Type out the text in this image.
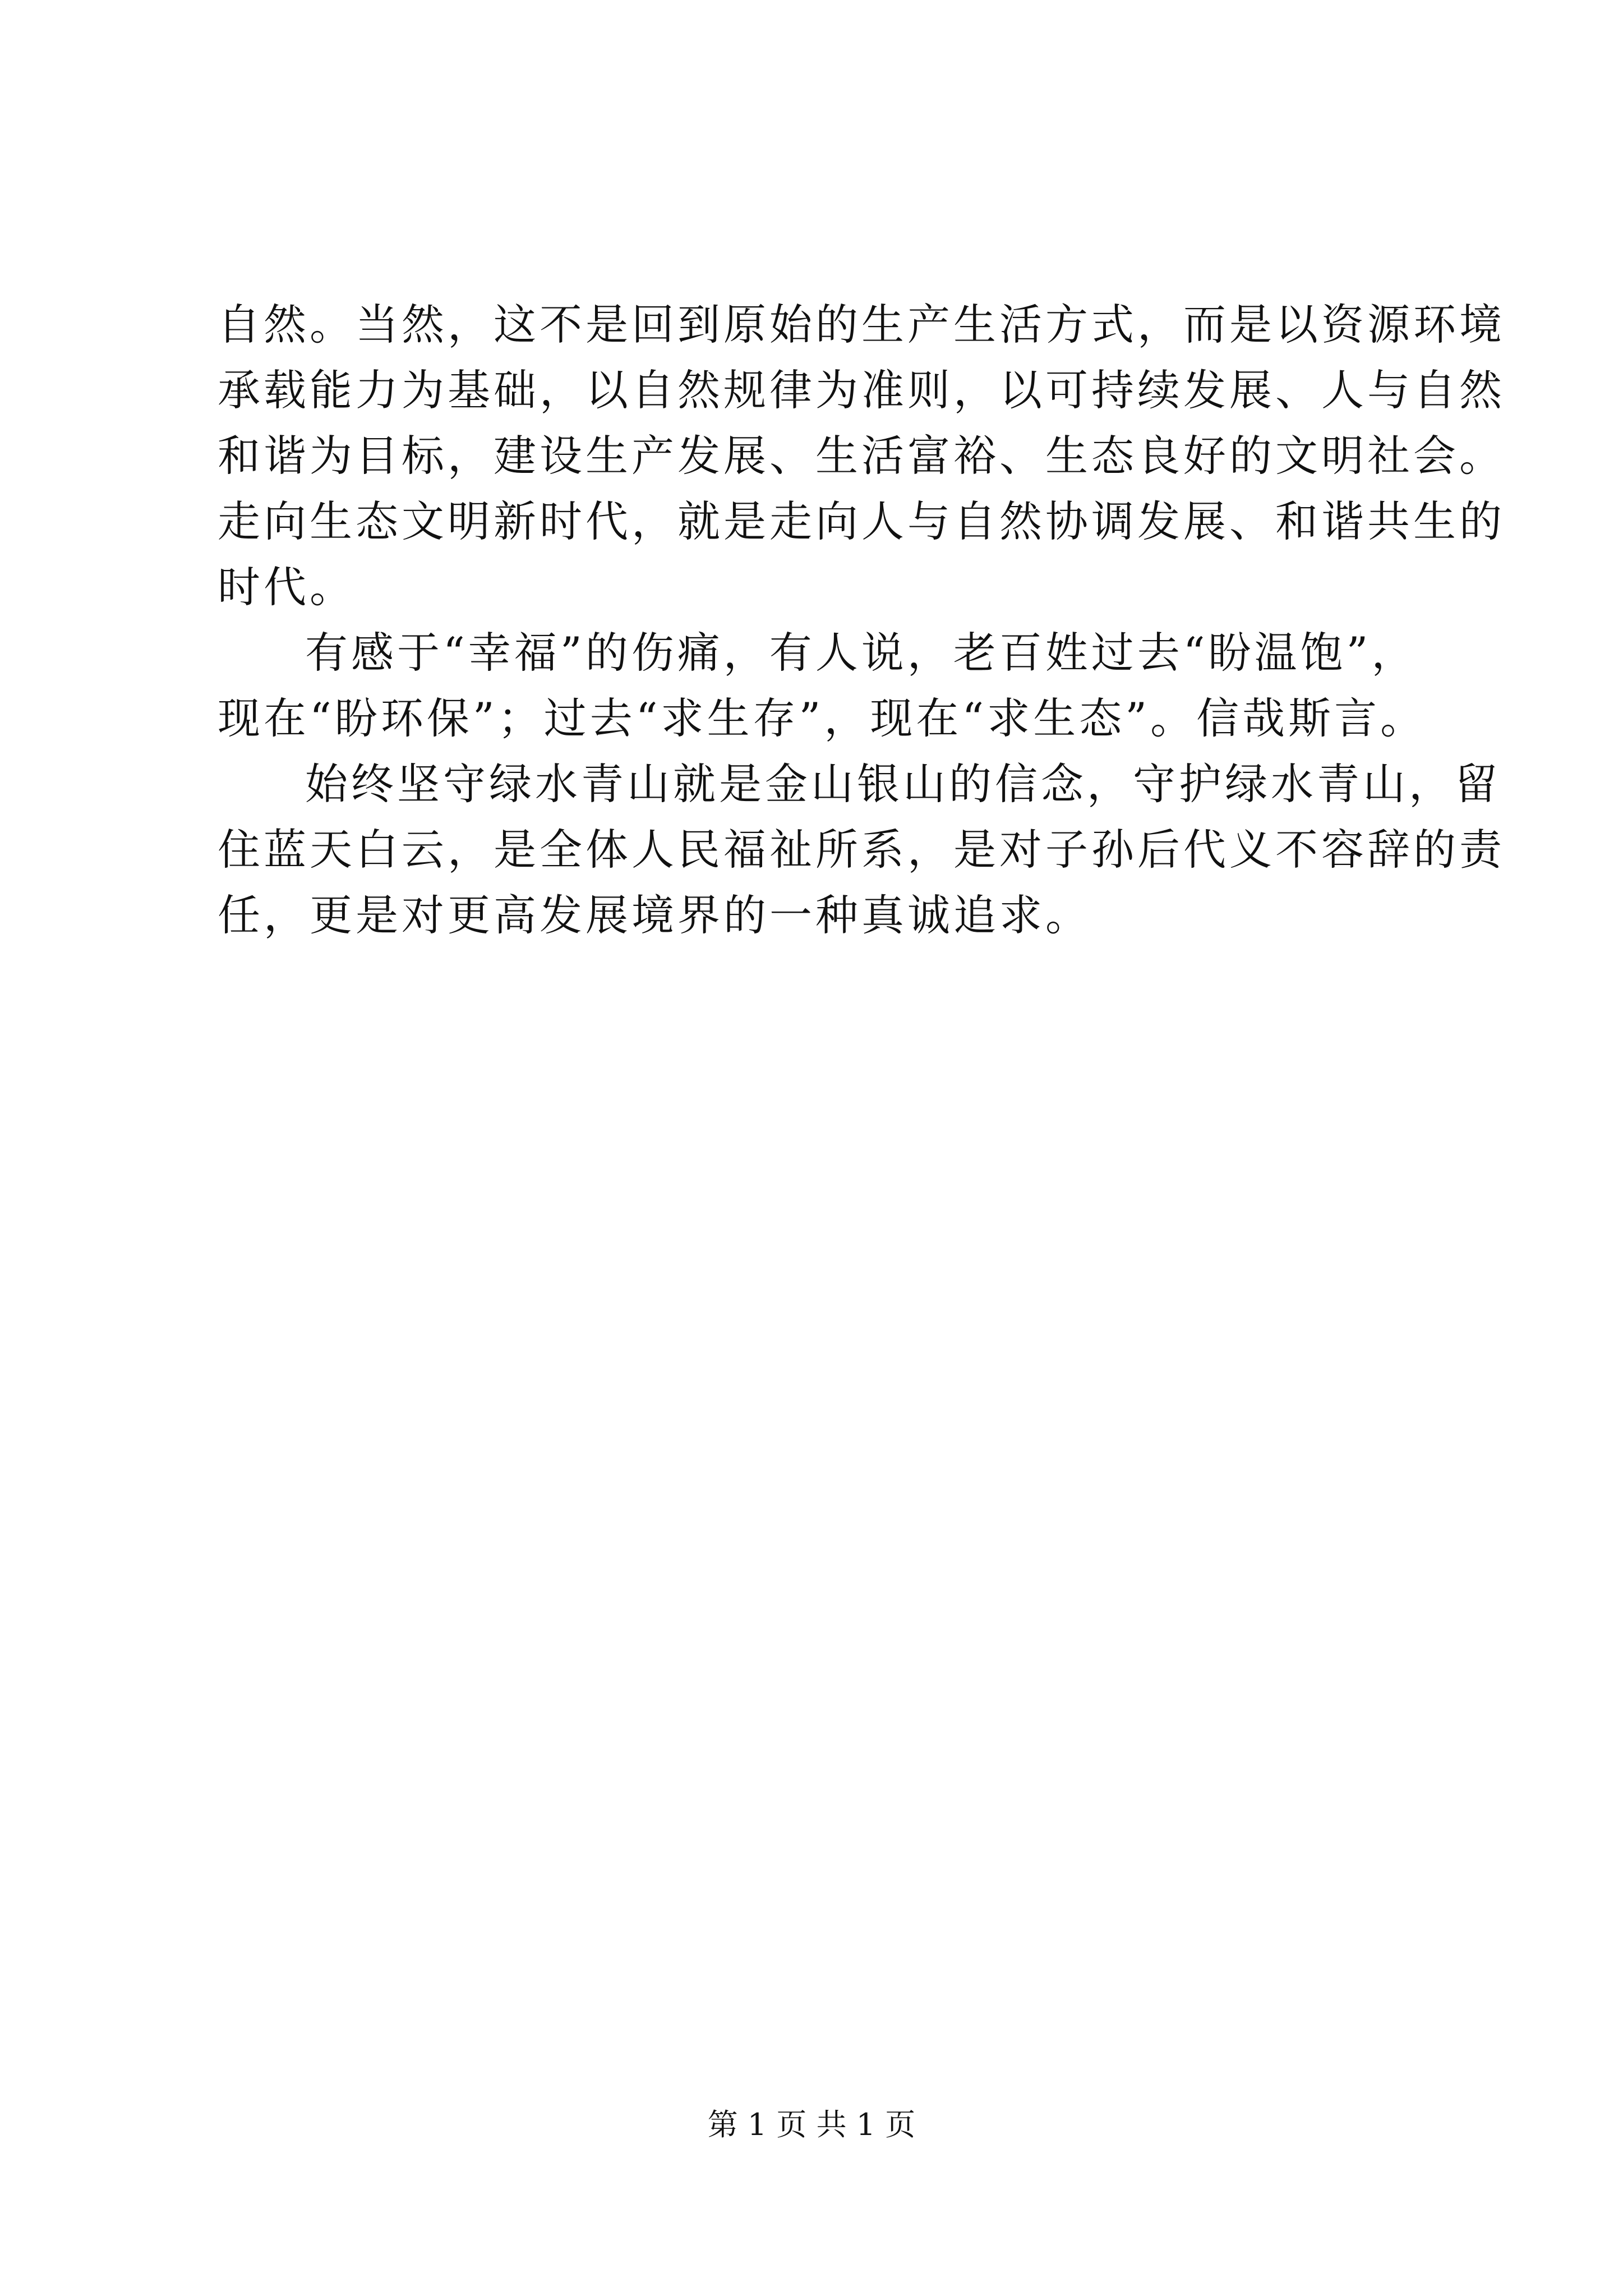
自然。当然，这不是回到原始的生产生活方式，而是以资源环境
承载能力为基础，以自然规律为准则，以可持续发展、人与自然
和谐为目标，建设生产发展、生活富裕、生态良好的文明社会。
走向生态文明新时代，就是走向人与自然协调发展、和谐共生的
时代。
有感于“幸福”的伤痛，有人说，老百姓过去“盼温饱”，
现在“盼环保”；过去“求生存”，现在“求生态”。信哉斯言。
始终坚守绿水青山就是金山银山的信念，守护绿水青山，留
住蓝天白云，是全体人民福祉所系，是对子孙后代义不容辞的责
任，更是对更高发展境界的一种真诚追求。
第 1 页 共 1 页
